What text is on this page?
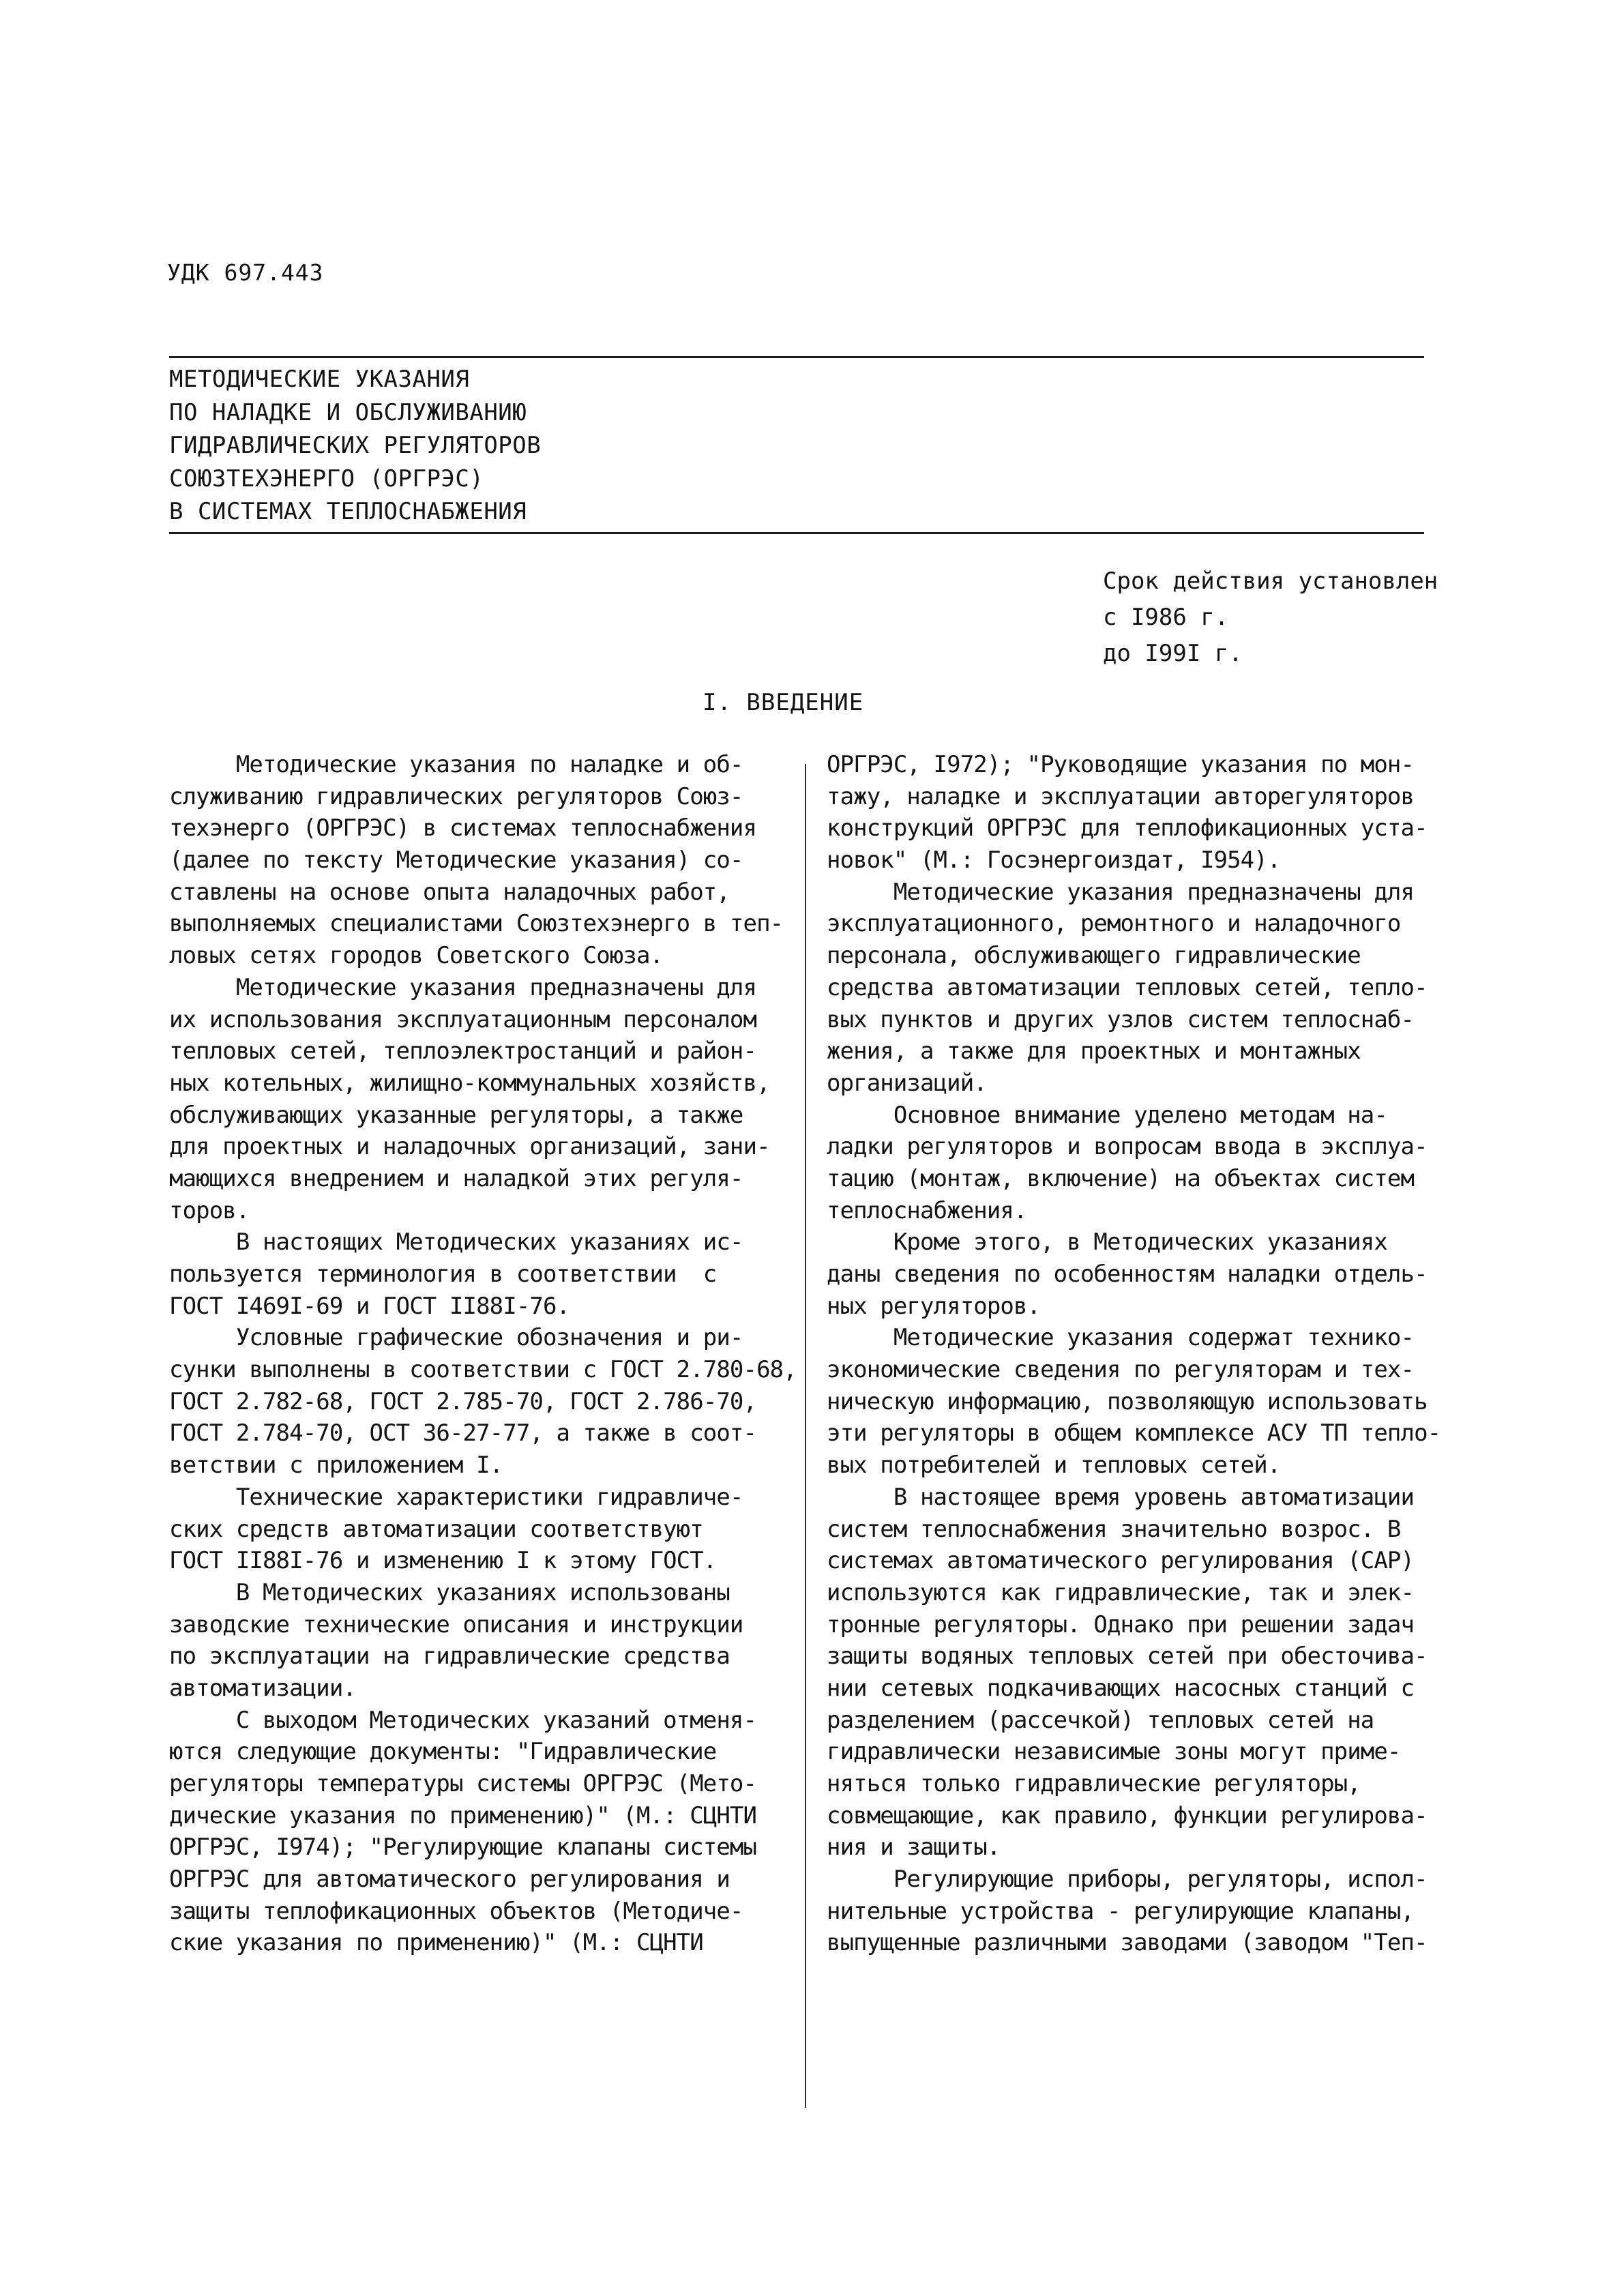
УДК 697.443
МЕТОДИЧЕСКИЕ УКАЗАНИЯ
ПО НАЛАДКЕ И ОБСЛУЖИВАНИЮ
ГИДРАВЛИЧЕСКИХ РЕГУЛЯТОРОВ
СОЮЗТЕХЭНЕРГО (ОРГРЭС)
В СИСТЕМАХ ТЕПЛОСНАБЖЕНИЯ
Срок действия установлен
с I986 г.
до I99I г.
I. ВВЕДЕНИЕ
Методические указания по наладке и об-
служиванию гидравлических регуляторов Союз-
техэнерго (ОРГРЭС) в системах теплоснабжения
(далее по тексту Методические указания) со-
ставлены на основе опыта наладочных работ,
выполняемых специалистами Союзтехэнерго в теп-
ловых сетях городов Советского Союза.
Методические указания предназначены для
их использования эксплуатационным персоналом
тепловых сетей, теплоэлектростанций и район-
ных котельных, жилищно-коммунальных хозяйств,
обслуживающих указанные регуляторы, а также
для проектных и наладочных организаций, зани-
мающихся внедрением и наладкой этих регуля-
торов.
В настоящих Методических указаниях ис-
пользуется терминология в соответствии  с
ГОСТ I469I-69 и ГОСТ II88I-76.
Условные графические обозначения и ри-
сунки выполнены в соответствии с ГОСТ 2.780-68,
ГОСТ 2.782-68, ГОСТ 2.785-70, ГОСТ 2.786-70,
ГОСТ 2.784-70, ОСТ 36-27-77, а также в соот-
ветствии с приложением I.
Технические характеристики гидравличе-
ских средств автоматизации соответствуют
ГОСТ II88I-76 и изменению I к этому ГОСТ.
В Методических указаниях использованы
заводские технические описания и инструкции
по эксплуатации на гидравлические средства
автоматизации.
С выходом Методических указаний отменя-
ются следующие документы: "Гидравлические
регуляторы температуры системы ОРГРЭС (Мето-
дические указания по применению)" (М.: СЦНТИ
ОРГРЭС, I974); "Регулирующие клапаны системы
ОРГРЭС для автоматического регулирования и
защиты теплофикационных объектов (Методиче-
ские указания по применению)" (М.: СЦНТИ
ОРГРЭС, I972); "Руководящие указания по мон-
тажу, наладке и эксплуатации авторегуляторов
конструкций ОРГРЭС для теплофикационных уста-
новок" (М.: Госэнергоиздат, I954).
Методические указания предназначены для
эксплуатационного, ремонтного и наладочного
персонала, обслуживающего гидравлические
средства автоматизации тепловых сетей, тепло-
вых пунктов и других узлов систем теплоснаб-
жения, а также для проектных и монтажных
организаций.
Основное внимание уделено методам на-
ладки регуляторов и вопросам ввода в эксплуа-
тацию (монтаж, включение) на объектах систем
теплоснабжения.
Кроме этого, в Методических указаниях
даны сведения по особенностям наладки отдель-
ных регуляторов.
Методические указания содержат технико-
экономические сведения по регуляторам и тех-
ническую информацию, позволяющую использовать
эти регуляторы в общем комплексе АСУ ТП тепло-
вых потребителей и тепловых сетей.
В настоящее время уровень автоматизации
систем теплоснабжения значительно возрос. В
системах автоматического регулирования (САР)
используются как гидравлические, так и элек-
тронные регуляторы. Однако при решении задач
защиты водяных тепловых сетей при обесточива-
нии сетевых подкачивающих насосных станций с
разделением (рассечкой) тепловых сетей на
гидравлически независимые зоны могут приме-
няться только гидравлические регуляторы,
совмещающие, как правило, функции регулирова-
ния и защиты.
Регулирующие приборы, регуляторы, испол-
нительные устройства - регулирующие клапаны,
выпущенные различными заводами (заводом "Теп-
